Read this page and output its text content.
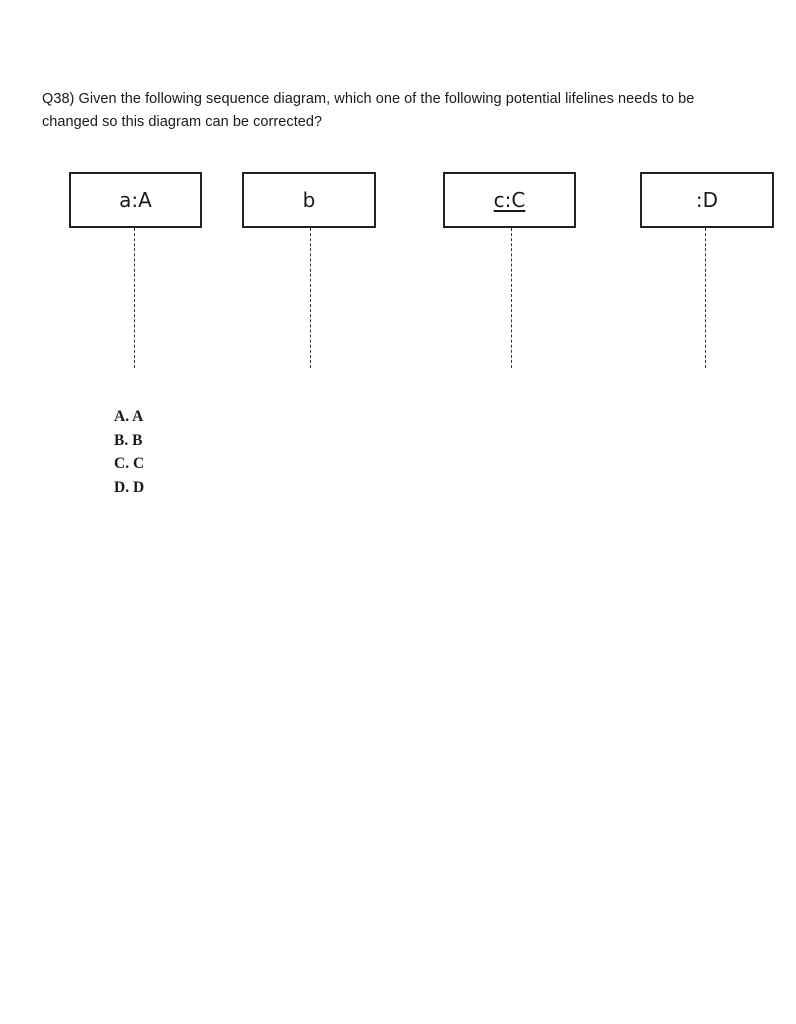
Q38) Given the following sequence diagram, which one of the following potential lifelines needs to be
changed so this diagram can be corrected?
a:A	b	c:C	:D
A. A
B. B
C. C
D. D
